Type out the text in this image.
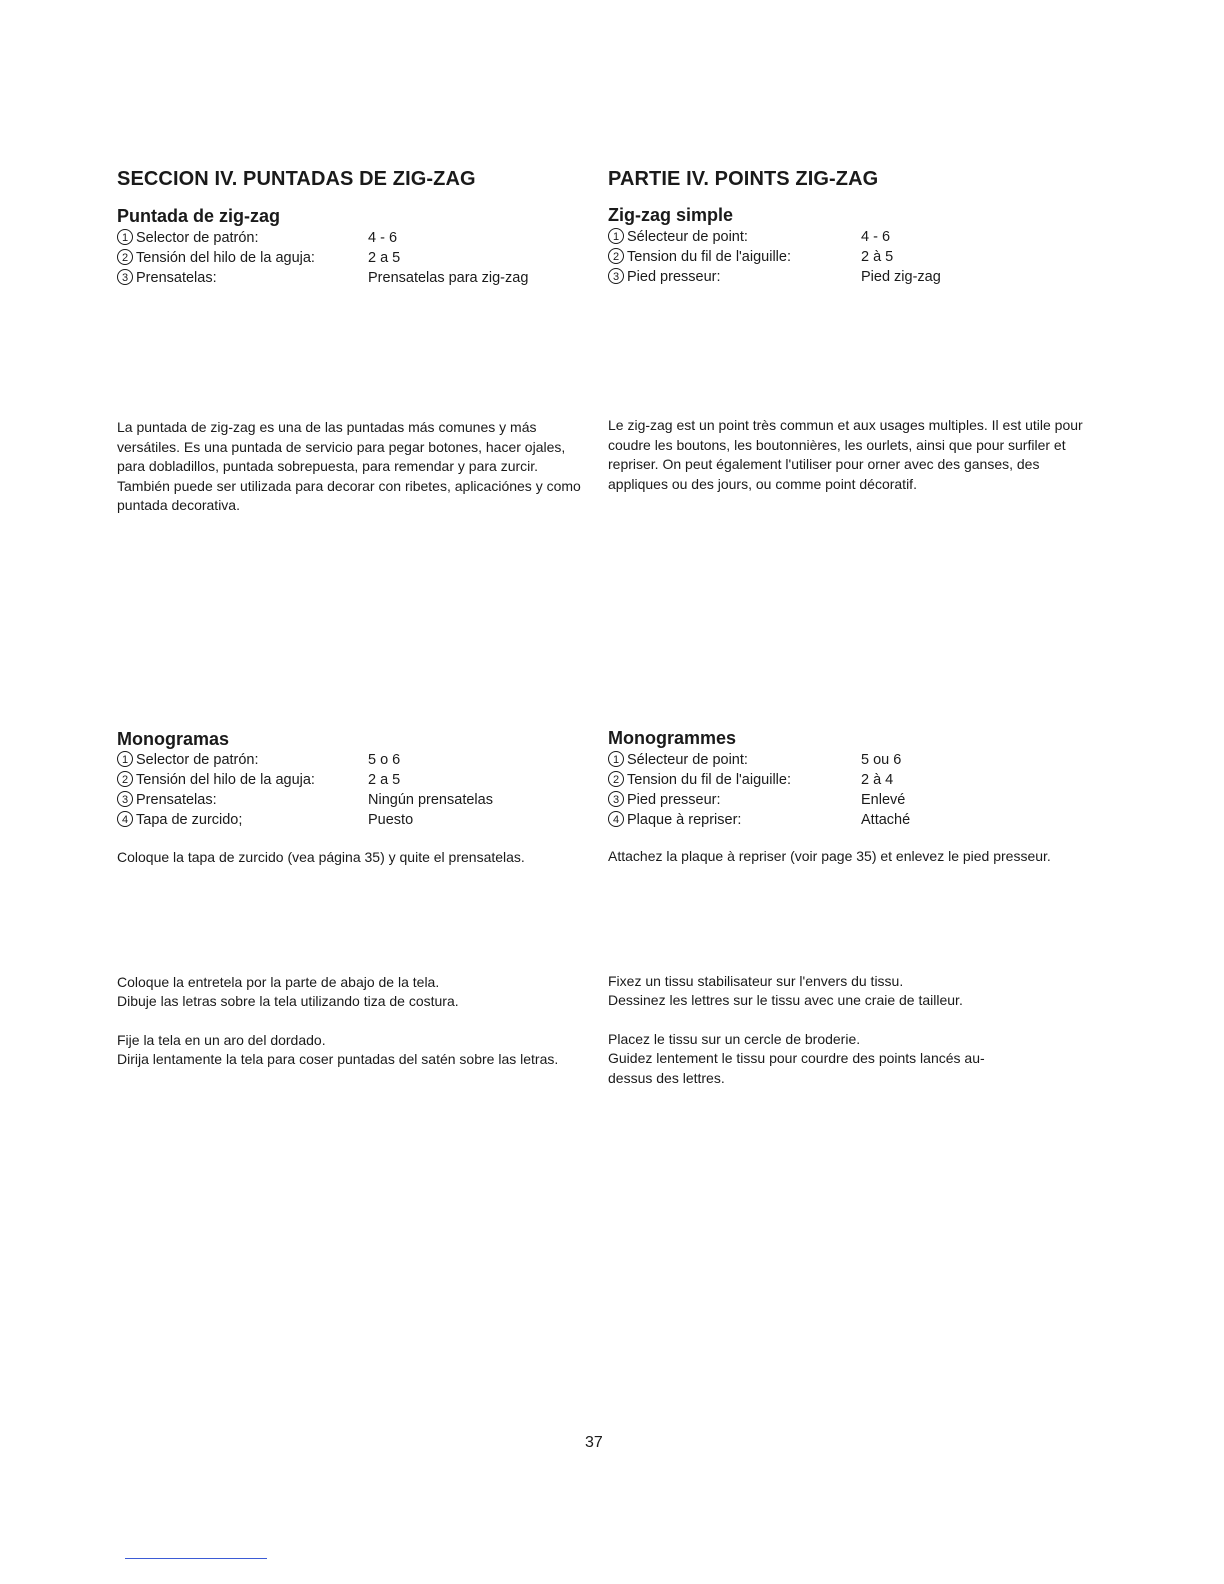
SECCION IV. PUNTADAS DE ZIG-ZAG
Puntada de zig-zag
1 Selector de patrón:	4 - 6
2 Tensión del hilo de la aguja:	2 a 5
3 Prensatelas:	Prensatelas para zig-zag
La puntada de zig-zag es una de las puntadas más comunes y más versátiles. Es una puntada de servicio para pegar botones, hacer ojales, para dobladillos, puntada sobrepuesta, para remendar y para zurcir. También puede ser utilizada para decorar con ribetes, aplicaciónes y como puntada decorativa.
Monogramas
1 Selector de patrón:	5 o 6
2 Tensión del hilo de la aguja:	2 a 5
3 Prensatelas:	Ningún prensatelas
4 Tapa de zurcido;	Puesto
Coloque la tapa de zurcido (vea página 35) y quite el prensatelas.
Coloque la entretela por la parte de abajo de la tela.
Dibuje las letras sobre la tela utilizando tiza de costura.
Fije la tela en un aro del dordado.
Dirija lentamente la tela para coser puntadas del satén sobre las letras.
PARTIE IV. POINTS ZIG-ZAG
Zig-zag simple
1 Sélecteur de point:	4 - 6
2 Tension du fil de l'aiguille:	2 à 5
3 Pied presseur:	Pied zig-zag
Le zig-zag est un point très commun et aux usages multiples. Il est utile pour coudre les boutons, les boutonnières, les ourlets, ainsi que pour surfiler et repriser. On peut également l'utiliser pour orner avec des ganses, des appliques ou des jours, ou comme point décoratif.
Monogrammes
1 Sélecteur de point:	5 ou 6
2 Tension du fil de l'aiguille:	2 à 4
3 Pied presseur:	Enlevé
4 Plaque à repriser:	Attaché
Attachez la plaque à repriser (voir page 35) et enlevez le pied presseur.
Fixez un tissu stabilisateur sur l'envers du tissu.
Dessinez les lettres sur le tissu avec une craie de tailleur.
Placez le tissu sur un cercle de broderie.
Guidez lentement le tissu pour courdre des points lancés au-dessus des lettres.
37
